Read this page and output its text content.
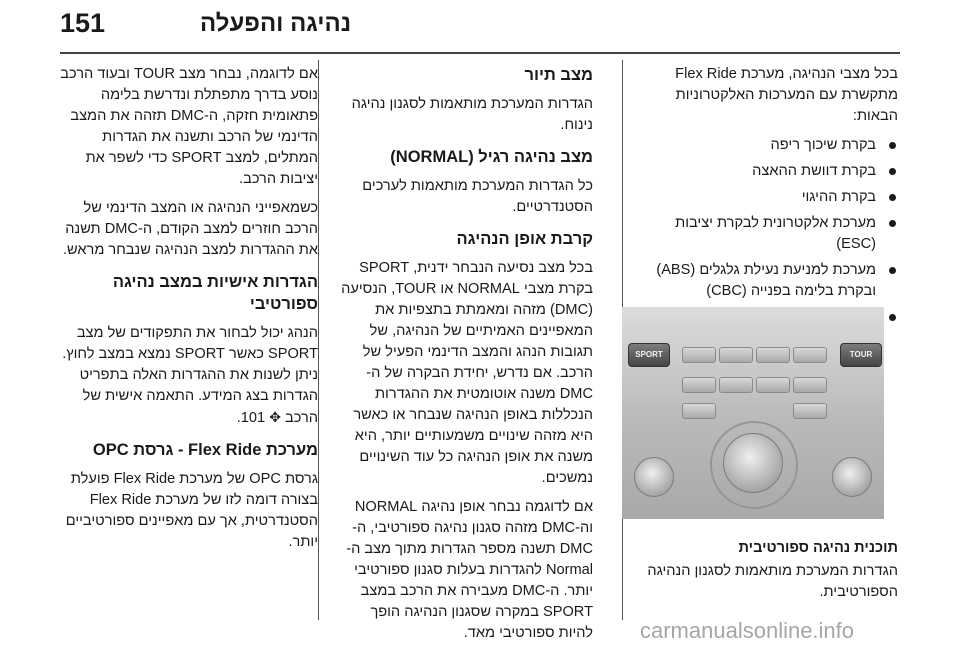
151	נהיגה והפעלה

בכל מצבי הנהיגה, מערכת Flex Ride מתקשרת עם המערכות האלקטרוניות הבאות:

בקרת שיכוך ריפה
בקרת דוושת ההאצה
בקרת ההיגוי
מערכת אלקטרונית לבקרת יציבות (ESC)
מערכת למניעת נעילת גלגלים (ABS) ובקרת בלימה בפנייה (CBC)
SPORT	TOUR
תוכנית נהיגה ספורטיבית
הגדרות המערכת מותאמות לסגנון הנהיגה הספורטיבית.
מצב תיור

הגדרות המערכת מותאמות לסגנון נהיגה נינוח.

מצב נהיגה רגיל (NORMAL)

כל הגדרות המערכת מותאמות לערכים הסטנדרטיים.

קרבת אופן הנהיגה

בכל מצב נסיעה הנבחר ידנית, SPORT בקרת מצבי NORMAL או TOUR, הנסיעה (DMC) מזהה ומאמתת בתצפיות את המאפיינים האמיתיים של הנהיגה, של תגובות הנהג והמצב הדינמי הפעיל של הרכב. אם נדרש, יחידת הבקרה של ה- DMC משנה אוטומטית את ההגדרות הנכללות באופן הנהיגה שנבחר או כאשר היא מזהה שינויים משמעותיים יותר, היא משנה את אופן הנהיגה כל עוד השינויים נמשכים.

אם לדוגמה נבחר אופן נהיגה NORMAL וה-DMC מזהה סגנון נהיגה ספורטיבי, ה-DMC תשנה מספר הגדרות מתוך מצב ה-Normal להגדרות בעלות סגנון ספורטיבי יותר. ה-DMC מעבירה את הרכב במצב SPORT במקרה שסגנון הנהיגה הופך להיות ספורטיבי מאד.

אם לדוגמה, נבחר מצב TOUR ובעוד הרכב נוסע בדרך מתפתלת ונדרשת בלימה פתאומית חזקה, ה-DMC תזהה את המצב הדינמי של הרכב ותשנה את הגדרות המתלים, למצב SPORT כדי לשפר את יציבות הרכב.

כשמאפייני הנהיגה או המצב הדינמי של הרכב חוזרים למצב הקודם, ה-DMC תשנה את ההגדרות למצב הנהיגה שנבחר מראש.

הגדרות אישיות במצב נהיגה ספורטיבי

הנהג יכול לבחור את התפקודים של מצב SPORT כאשר SPORT נמצא במצב לחוץ. ניתן לשנות את ההגדרות האלה בתפריט הגדרות בצג המידע. התאמה אישית של הרכב ✥ 101.

מערכת Flex Ride - גרסת OPC

גרסת OPC של מערכת Flex Ride פועלת בצורה דומה לזו של מערכת Flex Ride הסטנדרטית, אך עם מאפיינים ספורטיביים יותר.

carmanualsonline.info
